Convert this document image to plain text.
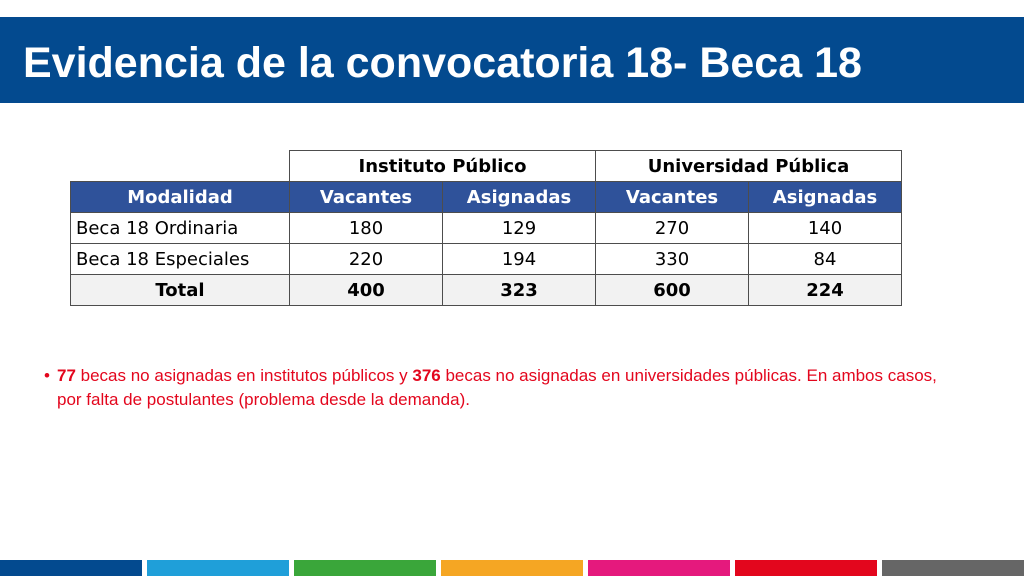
Evidencia de la convocatoria 18- Beca 18
	Instituto Público		Universidad Pública	
Modalidad	Vacantes	Asignadas	Vacantes	Asignadas
Beca 18 Ordinaria	180	129	270	140
Beca 18 Especiales	220	194	330	84
Total	400	323	600	224
• 77 becas no asignadas en institutos públicos y 376 becas no asignadas en universidades públicas. En ambos casos, por falta de postulantes (problema desde la demanda).
